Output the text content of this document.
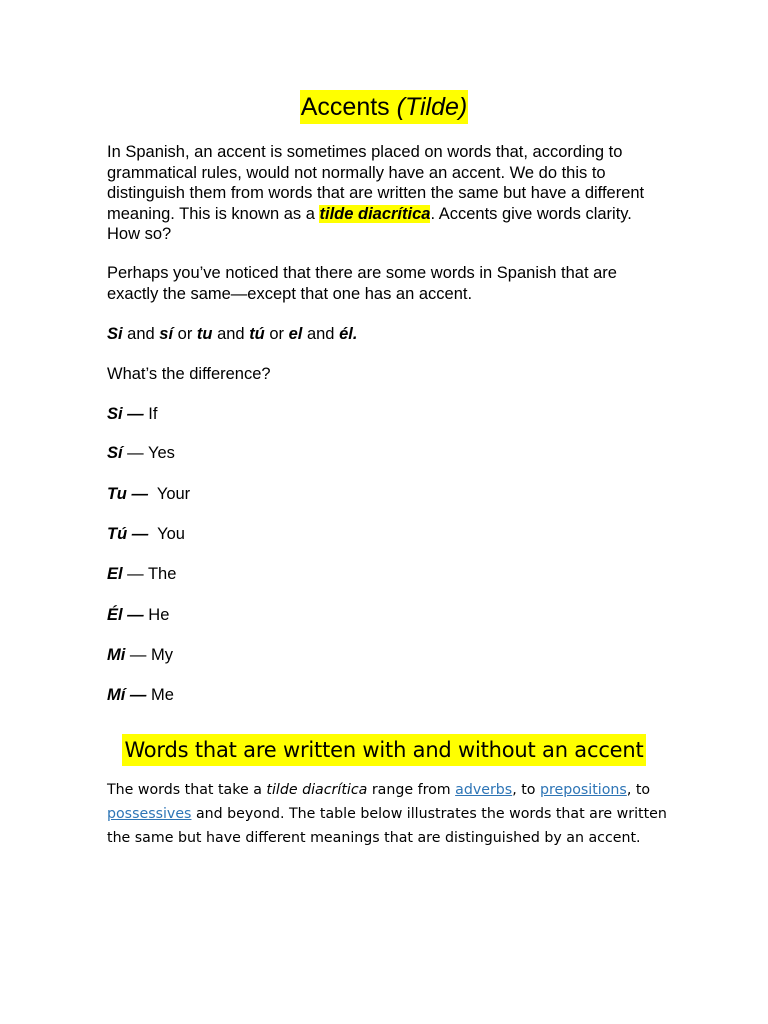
Accents (Tilde)

In Spanish, an accent is sometimes placed on words that, according to grammatical rules, would not normally have an accent. We do this to distinguish them from words that are written the same but have a different meaning. This is known as a tilde diacrítica. Accents give words clarity. How so?

Perhaps you’ve noticed that there are some words in Spanish that are exactly the same—except that one has an accent.

Si and sí or tu and tú or el and él.

What’s the difference?

Si — If
Sí — Yes
Tu —  Your
Tú —  You
El — The
Él — He
Mi — My
Mí — Me
Words that are written with and without an accent

The words that take a tilde diacrítica range from adverbs, to prepositions, to possessives and beyond. The table below illustrates the words that are written the same but have different meanings that are distinguished by an accent.
